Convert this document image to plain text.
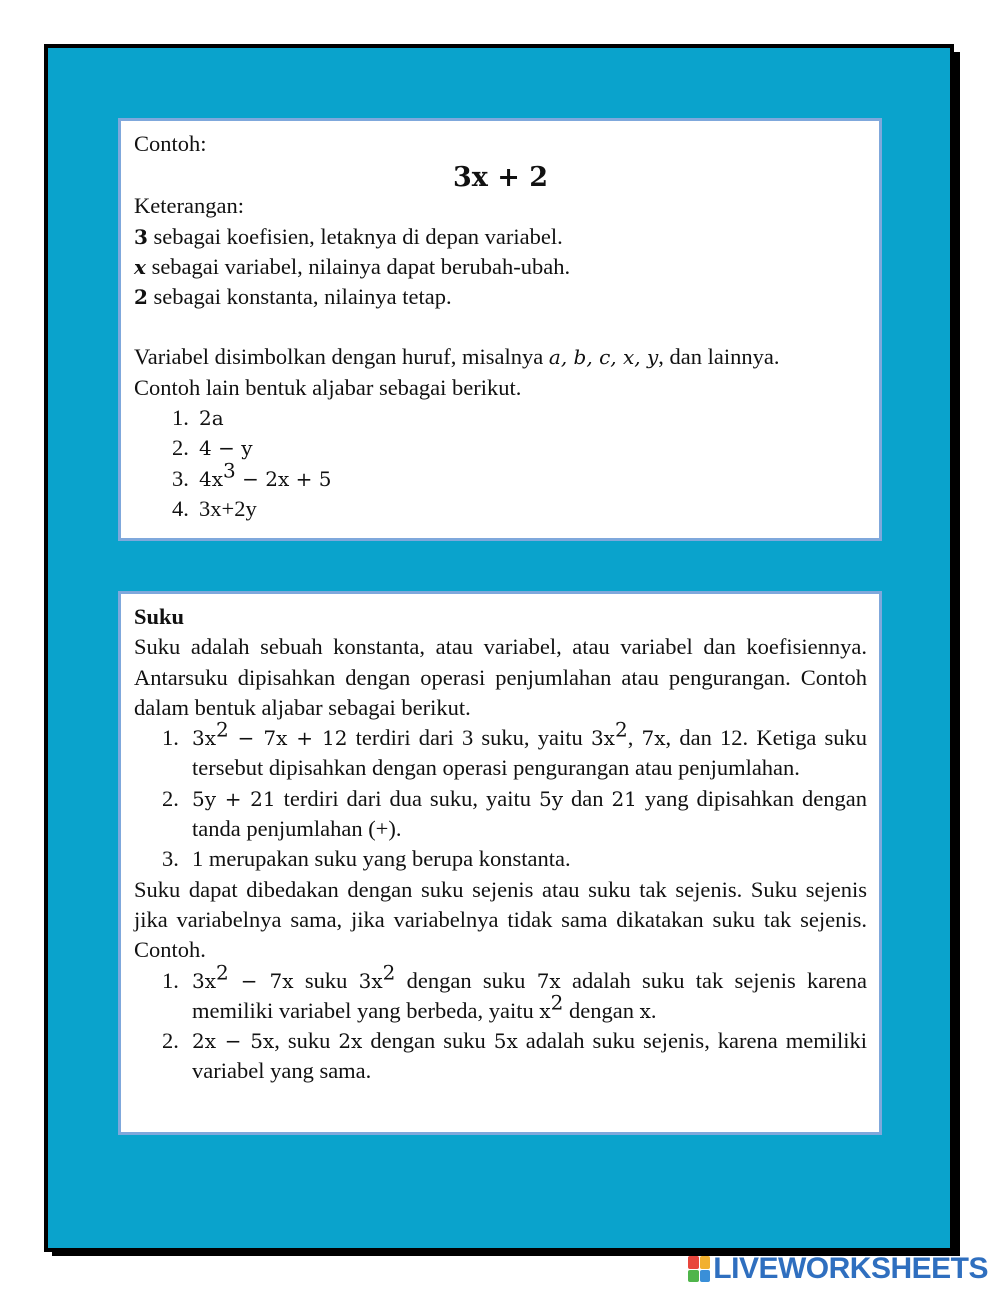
Contoh:

3x + 2

Keterangan:

3 sebagai koefisien, letaknya di depan variabel.

x sebagai variabel, nilainya dapat berubah-ubah.

2 sebagai konstanta, nilainya tetap.

Variabel disimbolkan dengan huruf, misalnya a, b, c, x, y, dan lainnya.

Contoh lain bentuk aljabar sebagai berikut.

1. 2a
2. 4 − y
3. $4x^3 - 2x + 5$
4. 3x+2y

Suku

Suku adalah sebuah konstanta, atau variabel, atau variabel dan koefisiennya. Antarsuku dipisahkan dengan operasi penjumlahan atau pengurangan. Contoh dalam bentuk aljabar sebagai berikut.

1. $3x^2 - 7x + 12$ terdiri dari 3 suku, yaitu $3x^2$, 7x, dan 12. Ketiga suku tersebut dipisahkan dengan operasi pengurangan atau penjumlahan.
2. 5y + 21 terdiri dari dua suku, yaitu 5y dan 21 yang dipisahkan dengan tanda penjumlahan (+).
3. 1 merupakan suku yang berupa konstanta.

Suku dapat dibedakan dengan suku sejenis atau suku tak sejenis. Suku sejenis jika variabelnya sama, jika variabelnya tidak sama dikatakan suku tak sejenis. Contoh.

1. $3x^2 - 7x$ suku $3x^2$ dengan suku 7x adalah suku tak sejenis karena memiliki variabel yang berbeda, yaitu $x^2$ dengan x.
2. 2x − 5x, suku 2x dengan suku 5x adalah suku sejenis, karena memiliki variabel yang sama.
LIVEWORKSHEETS
